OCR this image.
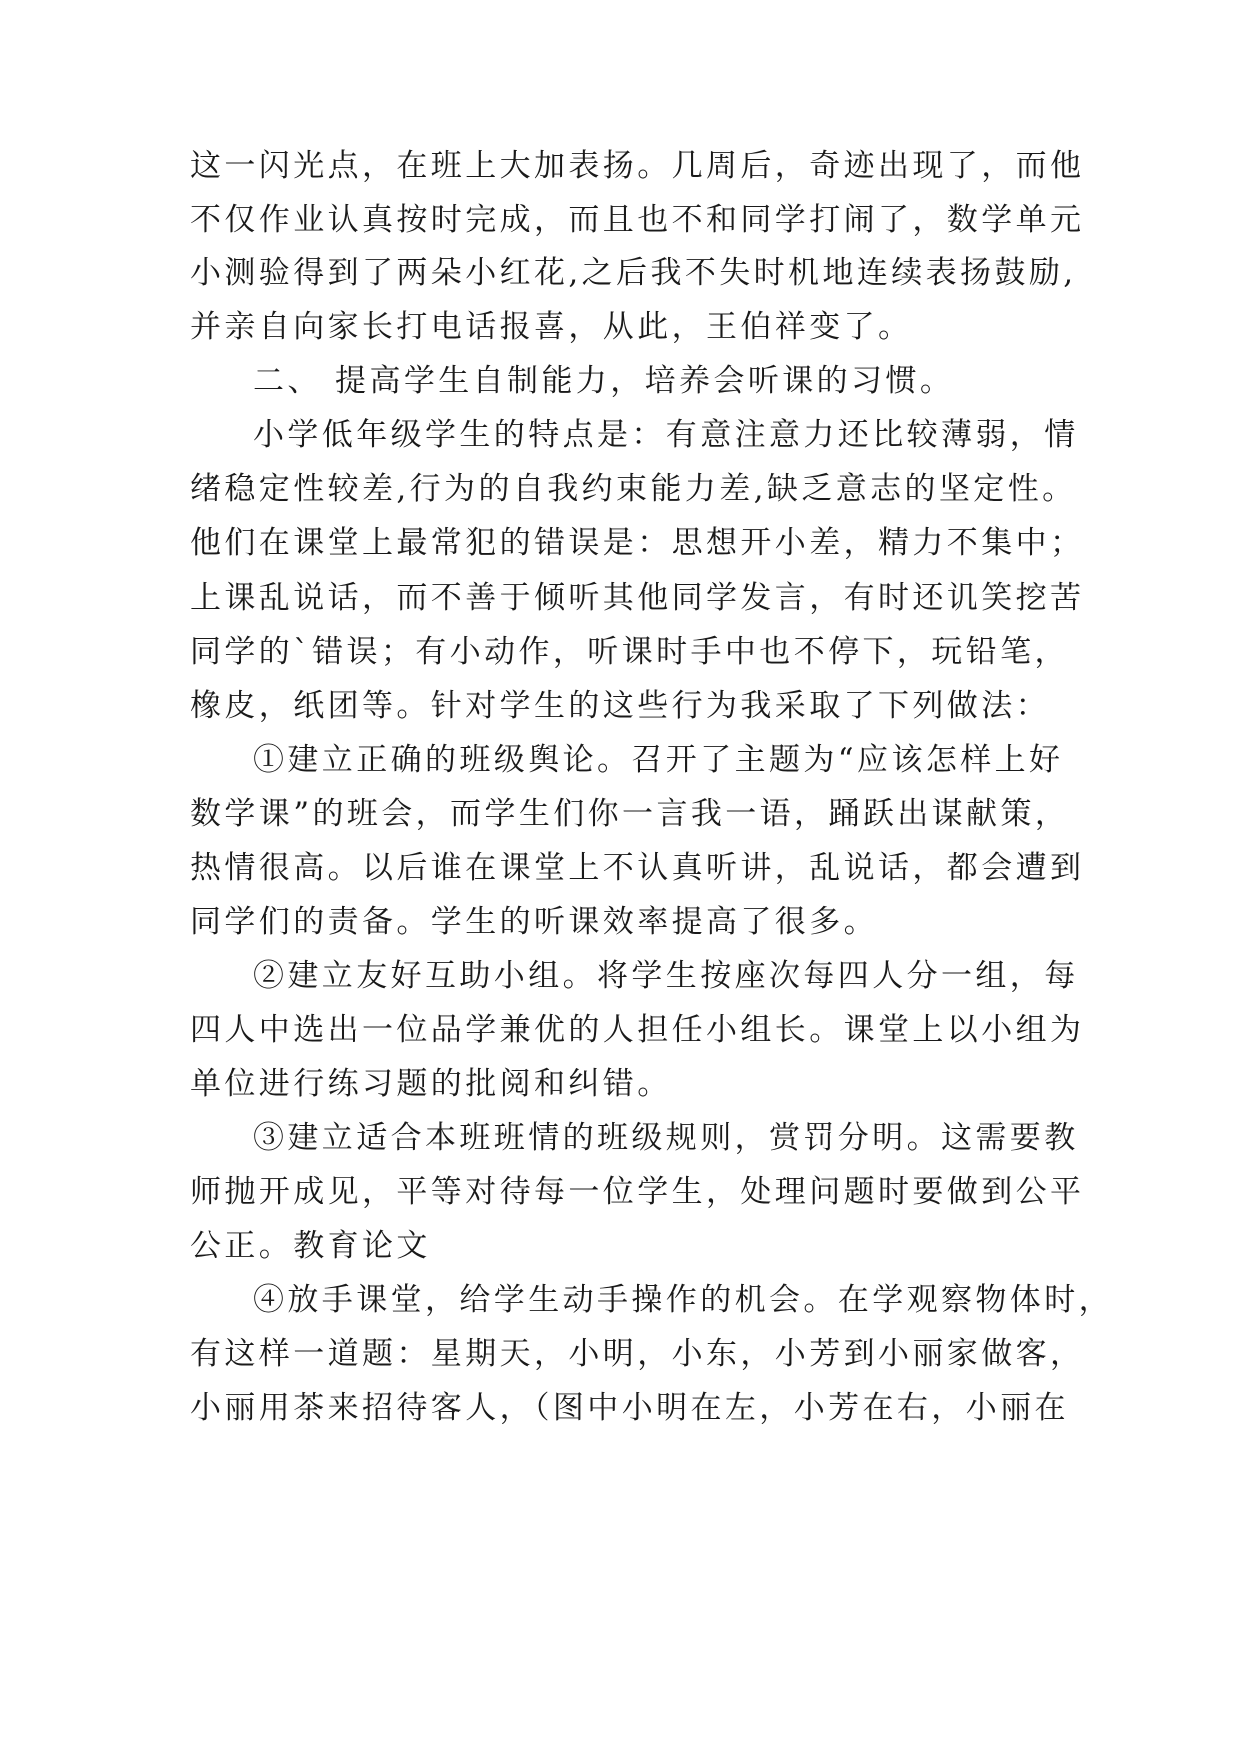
这一闪光点，在班上大加表扬。几周后，奇迹出现了，而他
不仅作业认真按时完成，而且也不和同学打闹了，数学单元
小测验得到了两朵小红花,之后我不失时机地连续表扬鼓励,
并亲自向家长打电话报喜，从此，王伯祥变了。
二、 提高学生自制能力，培养会听课的习惯。
小学低年级学生的特点是：有意注意力还比较薄弱，情
绪稳定性较差,行为的自我约束能力差,缺乏意志的坚定性。
他们在课堂上最常犯的错误是：思想开小差，精力不集中；
上课乱说话，而不善于倾听其他同学发言，有时还讥笑挖苦
同学的`错误；有小动作，听课时手中也不停下，玩铅笔，
橡皮，纸团等。针对学生的这些行为我采取了下列做法：
①建立正确的班级舆论。召开了主题为“应该怎样上好
数学课”的班会，而学生们你一言我一语，踊跃出谋献策，
热情很高。以后谁在课堂上不认真听讲，乱说话，都会遭到
同学们的责备。学生的听课效率提高了很多。
②建立友好互助小组。将学生按座次每四人分一组，每
四人中选出一位品学兼优的人担任小组长。课堂上以小组为
单位进行练习题的批阅和纠错。
③建立适合本班班情的班级规则，赏罚分明。这需要教
师抛开成见，平等对待每一位学生，处理问题时要做到公平
公正。教育论文
④放手课堂，给学生动手操作的机会。在学观察物体时，
有这样一道题：星期天，小明，小东，小芳到小丽家做客，
小丽用茶来招待客人，（图中小明在左，小芳在右，小丽在
